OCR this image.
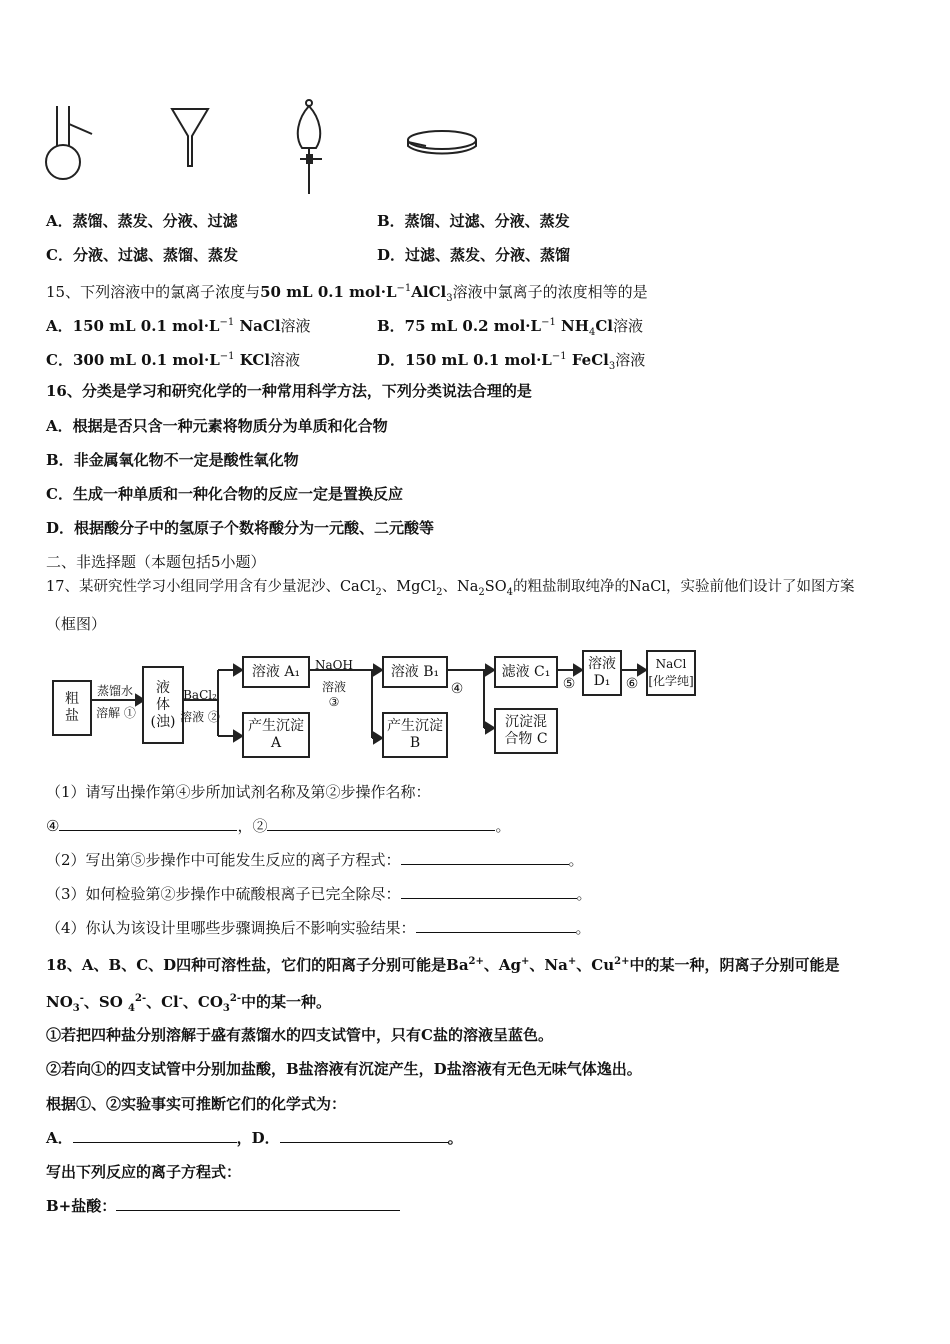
A．蒸馏、蒸发、分液、过滤	B．蒸馏、过滤、分液、蒸发
C．分液、过滤、蒸馏、蒸发	D．过滤、蒸发、分液、蒸馏
15、下列溶液中的氯离子浓度与50 mL 0.1 $mol\cdot L^{-1}AlCl_3$溶液中氯离子的浓度相等的是
A．150 mL 0.1 $mol\cdot L^{-1}$ NaCl溶液	B．75 mL 0.2 $mol\cdot L^{-1}$ $NH_4Cl$溶液
C．300 mL 0.1 $mol\cdot L^{-1}$ KCl溶液	D．150 mL 0.1 $mol\cdot L^{-1}$ FeCl$_3$溶液
16、分类是学习和研究化学的一种常用科学方法，下列分类说法合理的是
A．根据是否只含一种元素将物质分为单质和化合物
B．非金属氧化物不一定是酸性氧化物
C．生成一种单质和一种化合物的反应一定是置换反应
D．根据酸分子中的氢原子个数将酸分为一元酸、二元酸等
二、非选择题（本题包括5小题）
17、某研究性学习小组同学用含有少量泥沙、CaCl$_2$、MgCl$_2$、$Na_2SO_4$的粗盐制取纯净的NaCl，实验前他们设计了如图方案
（框图）
粗
盐
蒸馏水
溶解 ①
液
体
(浊)
BaCl₂
溶液 ②
溶液 A₁
产生沉淀
A
NaOH
溶液
③
溶液 B₁
产生沉淀
B
④
滤液 C₁
沉淀混
合物 C
⑤
溶液
D₁	⑥
NaCl
[化学纯]
（1）请写出操作第④步所加试剂名称及第②步操作名称：
④	，②	。
（2）写出第⑤步操作中可能发生反应的离子方程式：	。
（3）如何检验第②步操作中硫酸根离子已完全除尽：	。
（4）你认为该设计里哪些步骤调换后不影响实验结果：	。
18、A、B、C、D四种可溶性盐，它们的阳离子分别可能是$Ba^{2+}$、Ag+、Na+、$Cu^{2+}$中的某一种，阴离子分别可能是
$NO_3^-$、SO $_4^{2-}$、Cl-、$CO_3^{2-}$中的某一种。
①若把四种盐分别溶解于盛有蒸馏水的四支试管中，只有C盐的溶液呈蓝色。
②若向①的四支试管中分别加盐酸，B盐溶液有沉淀产生，D盐溶液有无色无味气体逸出。
根据①、②实验事实可推断它们的化学式为：
A．	，D．	。
写出下列反应的离子方程式：
B+盐酸：
